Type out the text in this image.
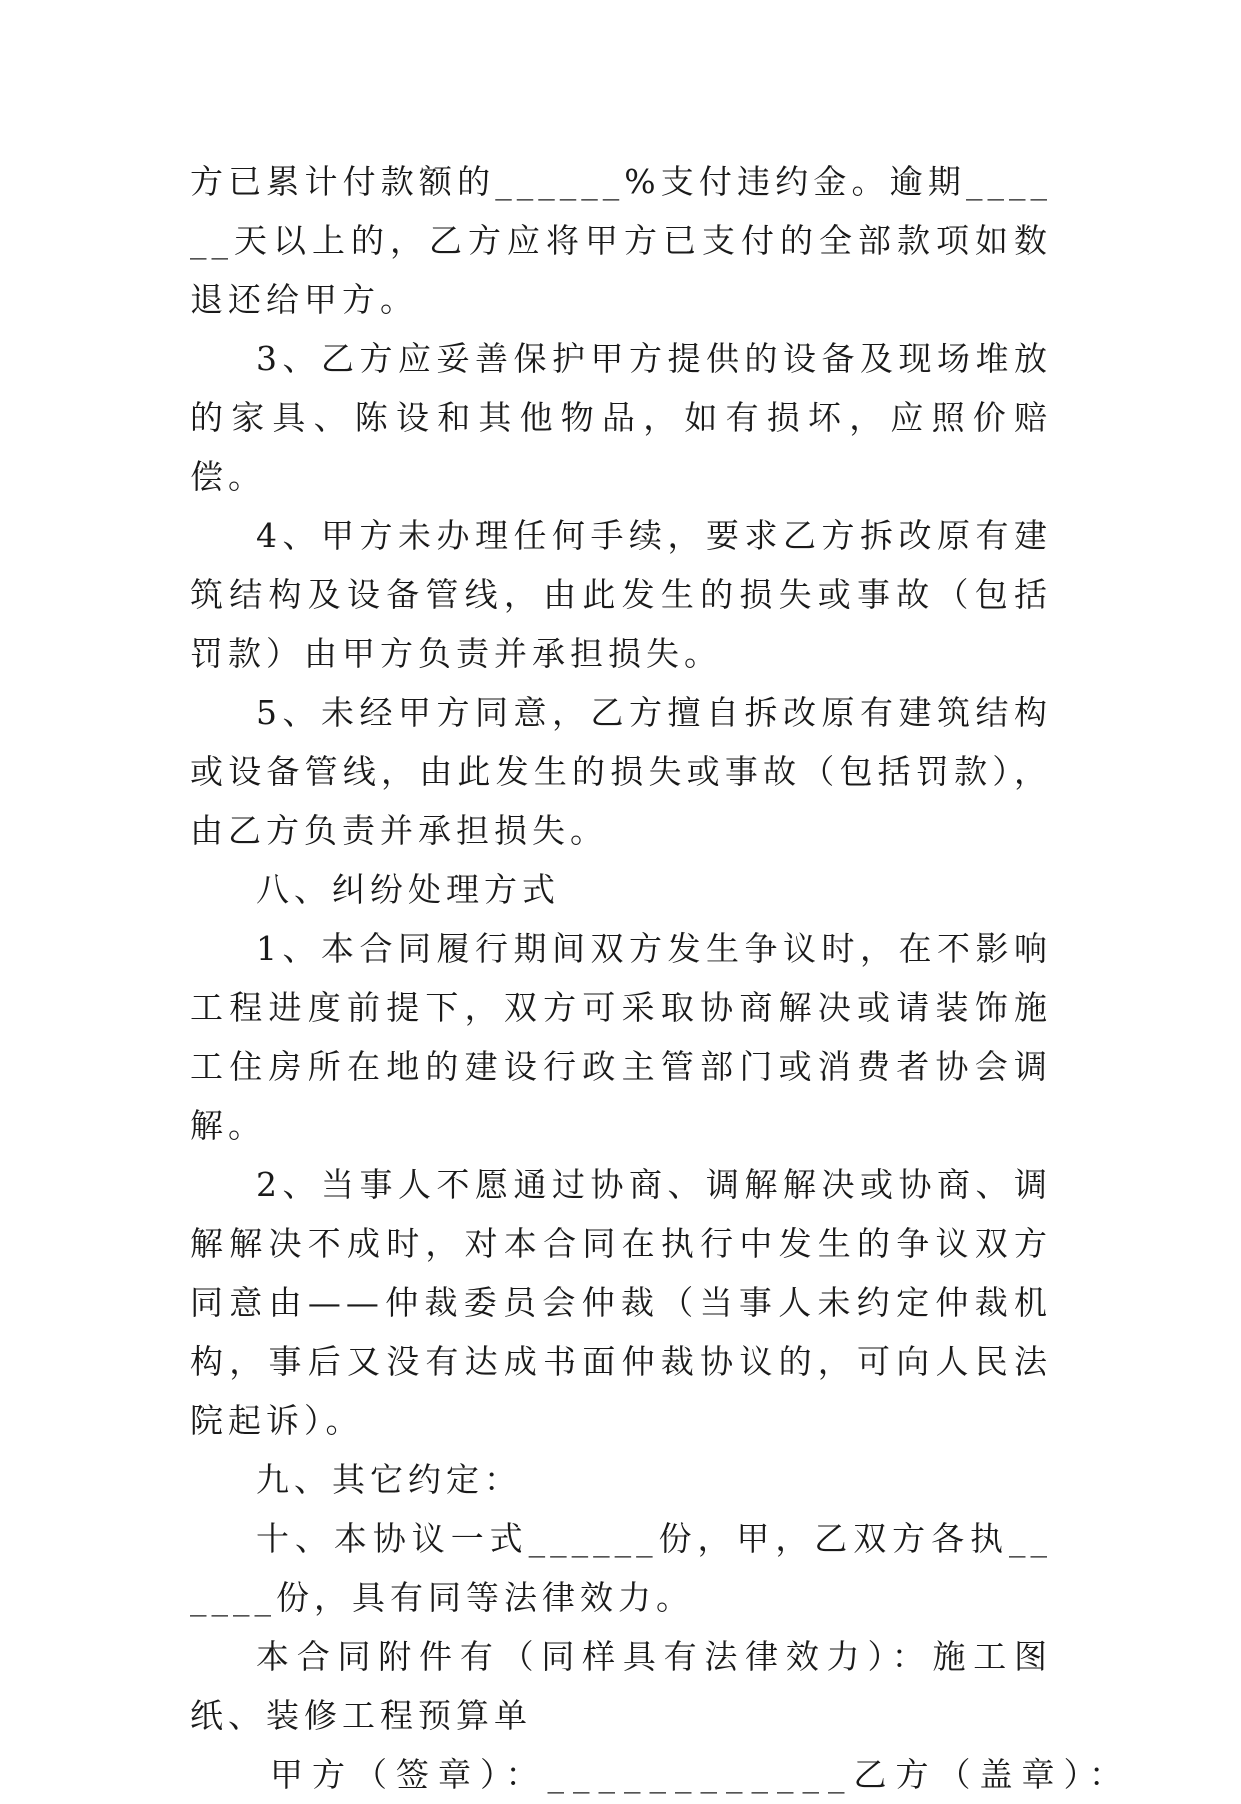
方已累计付款额的______%支付违约金。逾期______天以上的，乙方应将甲方已支付的全部款项如数退还给甲方。

3、乙方应妥善保护甲方提供的设备及现场堆放的家具、陈设和其他物品，如有损坏，应照价赔偿。

4、甲方未办理任何手续，要求乙方拆改原有建筑结构及设备管线，由此发生的损失或事故（包括罚款）由甲方负责并承担损失。

5、未经甲方同意，乙方擅自拆改原有建筑结构或设备管线，由此发生的损失或事故（包括罚款），由乙方负责并承担损失。

八、纠纷处理方式

1、本合同履行期间双方发生争议时，在不影响工程进度前提下，双方可采取协商解决或请装饰施工住房所在地的建设行政主管部门或消费者协会调解。

2、当事人不愿通过协商、调解解决或协商、调解解决不成时，对本合同在执行中发生的争议双方同意由——仲裁委员会仲裁（当事人未约定仲裁机构，事后又没有达成书面仲裁协议的，可向人民法院起诉）。

九、其它约定：

十、本协议一式______份，甲，乙双方各执______份，具有同等法律效力。

本合同附件有（同样具有法律效力）：施工图纸、装修工程预算单

甲方（签章）：____________乙方（盖章）：
